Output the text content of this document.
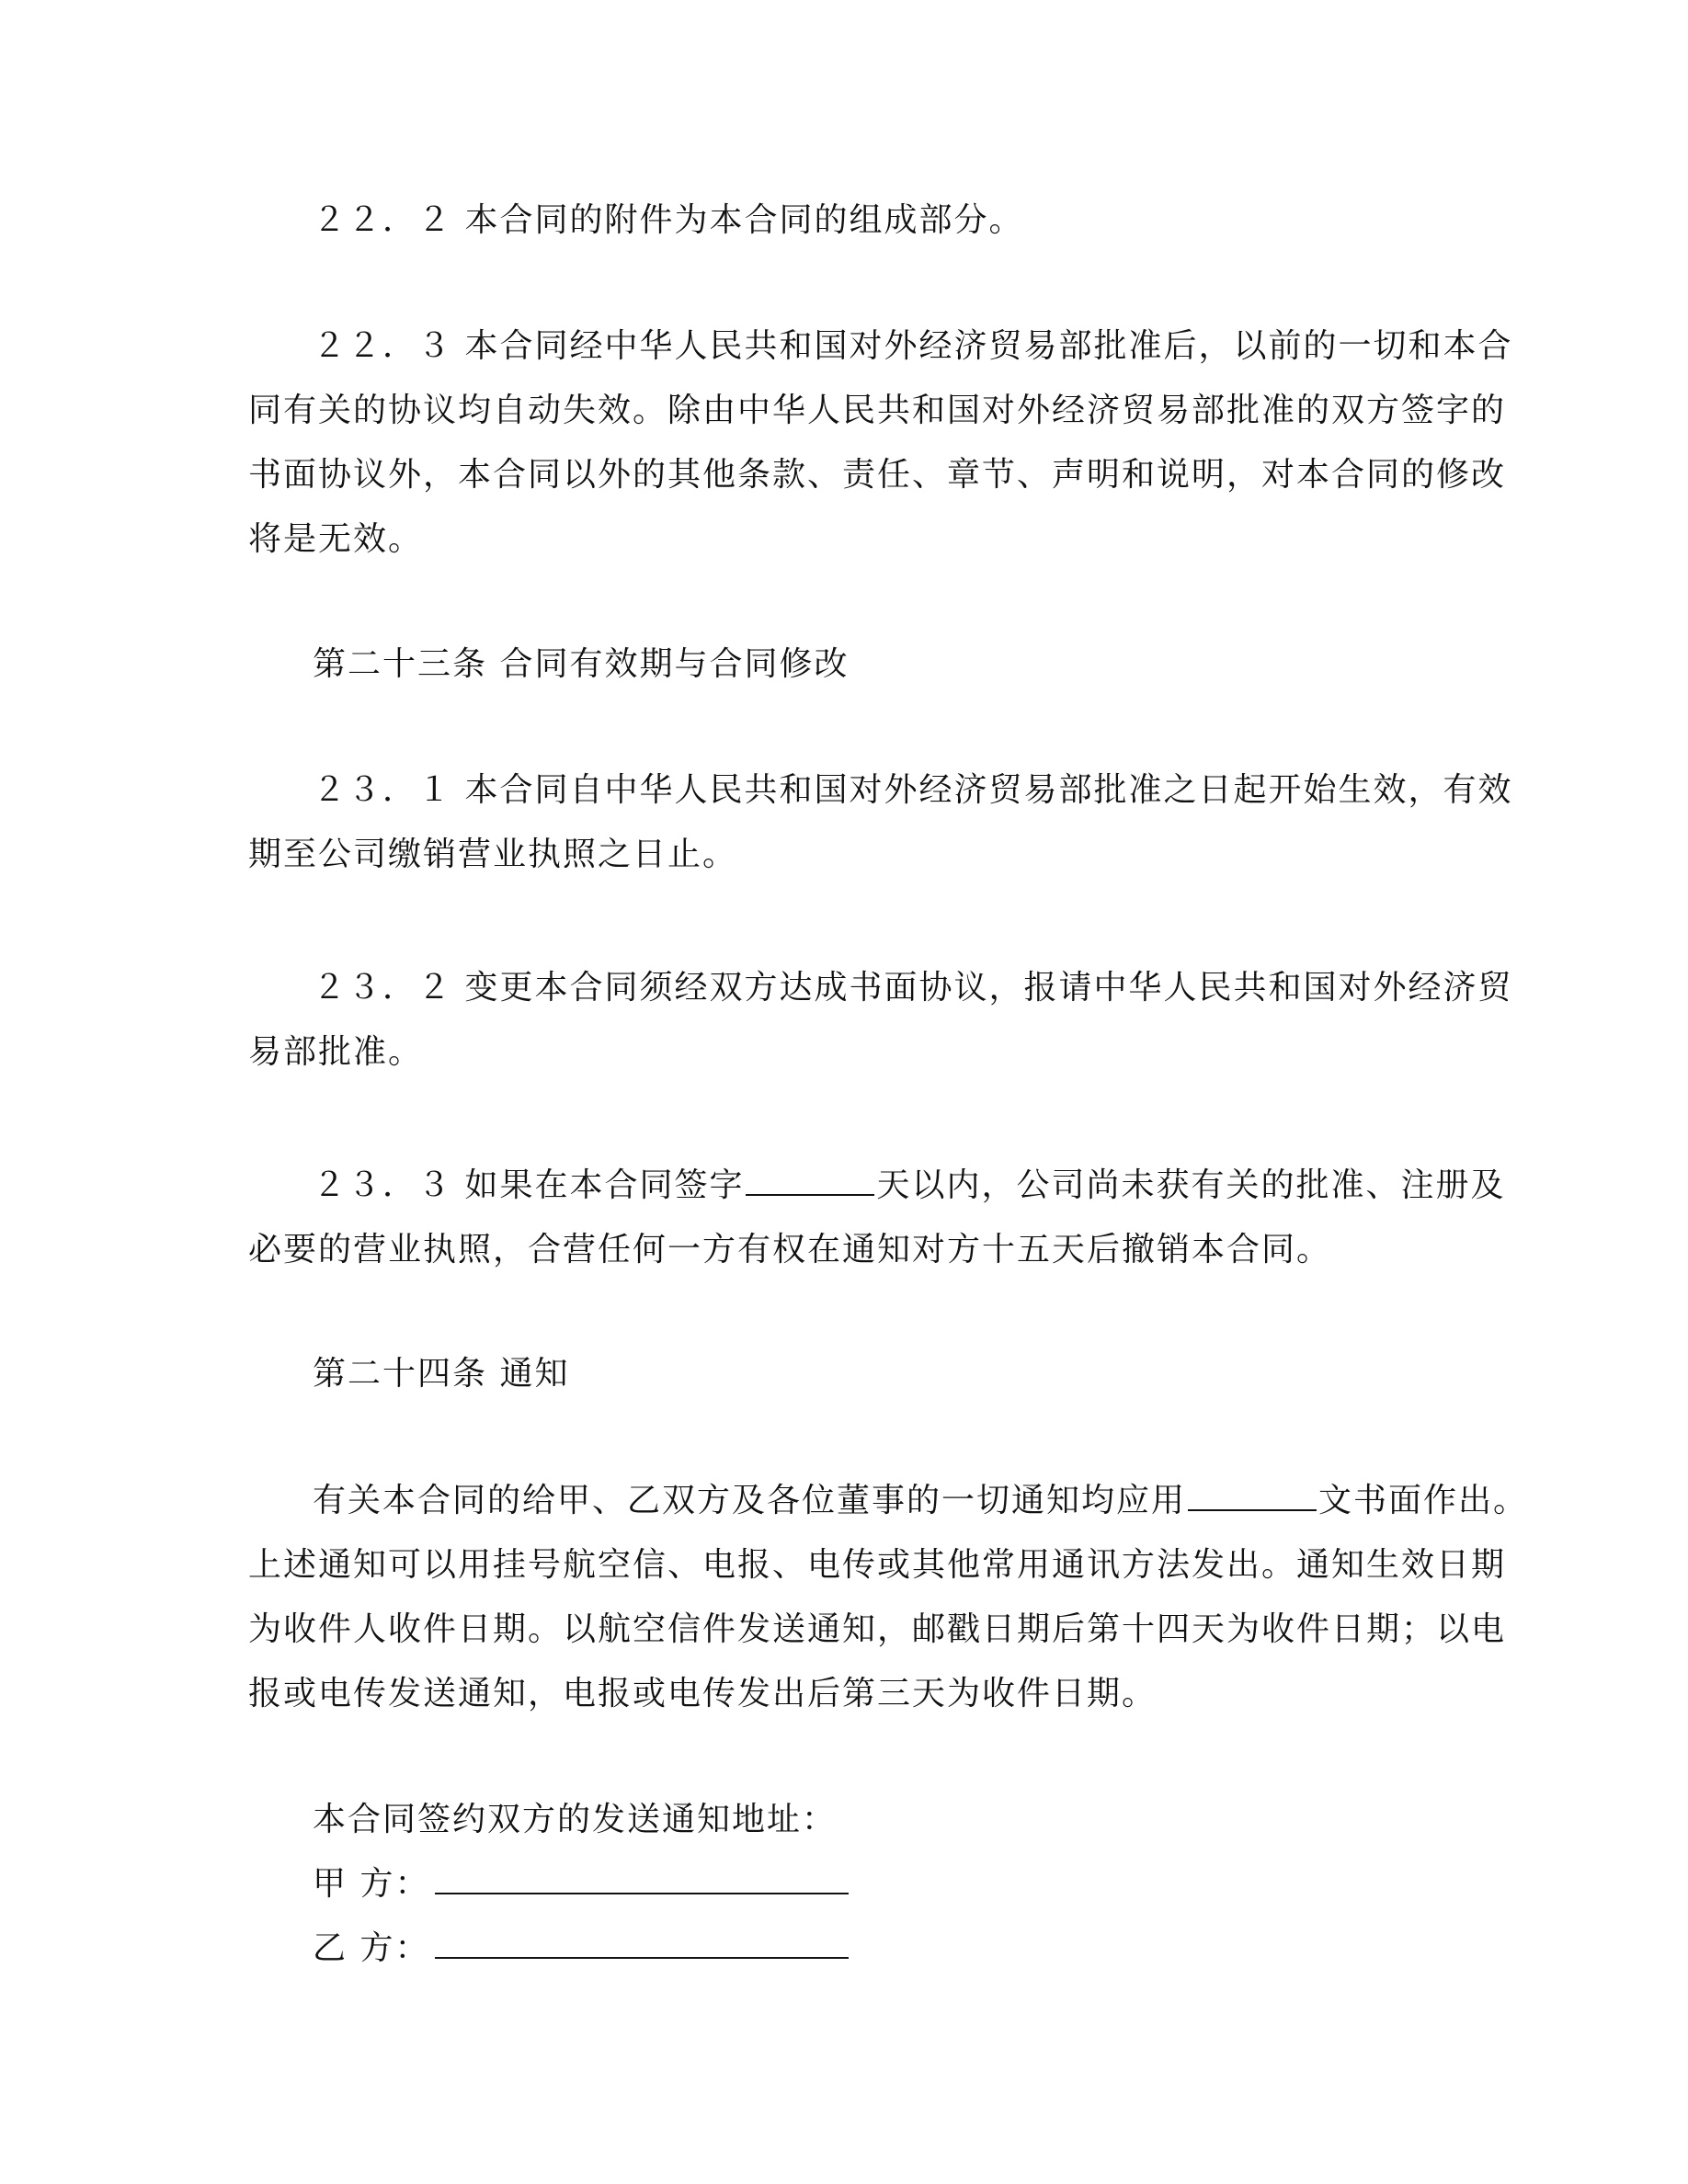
２２．２ 本合同的附件为本合同的组成部分。
２２．３ 本合同经中华人民共和国对外经济贸易部批准后，以前的一切和本合
同有关的协议均自动失效。除由中华人民共和国对外经济贸易部批准的双方签字的
书面协议外，本合同以外的其他条款、责任、章节、声明和说明，对本合同的修改
将是无效。
第二十三条 合同有效期与合同修改
２３．１ 本合同自中华人民共和国对外经济贸易部批准之日起开始生效，有效
期至公司缴销营业执照之日止。
２３．２ 变更本合同须经双方达成书面协议，报请中华人民共和国对外经济贸
易部批准。
２３．３ 如果在本合同签字	天以内，公司尚未获有关的批准、注册及
必要的营业执照，合营任何一方有权在通知对方十五天后撤销本合同。
第二十四条 通知
有关本合同的给甲、乙双方及各位董事的一切通知均应用	文书面作出。
上述通知可以用挂号航空信、电报、电传或其他常用通讯方法发出。通知生效日期
为收件人收件日期。以航空信件发送通知，邮戳日期后第十四天为收件日期；以电
报或电传发送通知，电报或电传发出后第三天为收件日期。
本合同签约双方的发送通知地址：
甲 方：
乙 方：
